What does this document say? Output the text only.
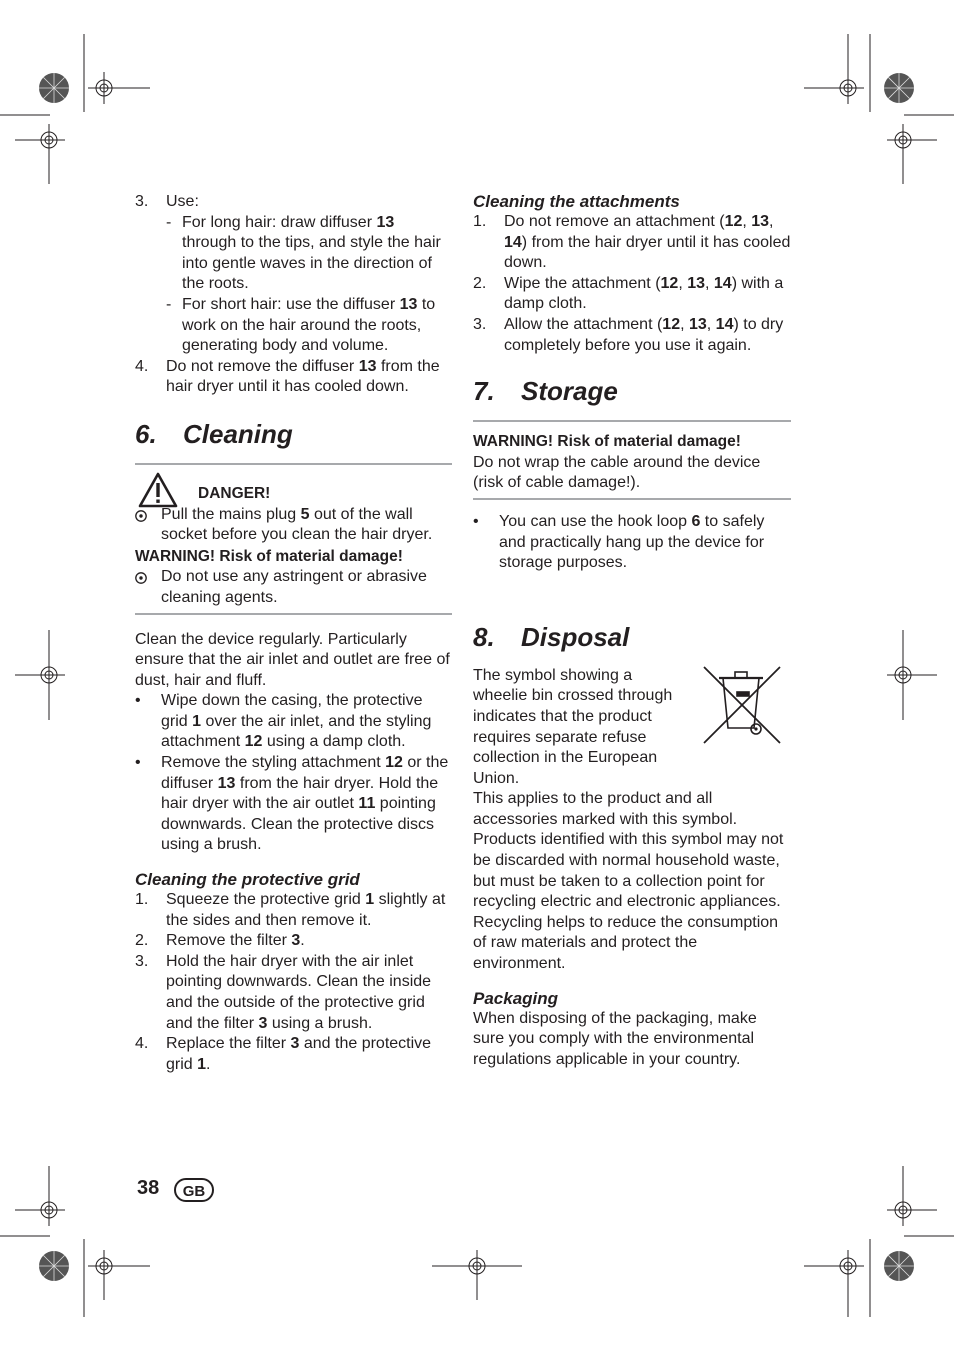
3.	Use:
- For long hair: draw diffuser 13 through to the tips, and style the hair into gentle waves in the direction of the roots.
- For short hair: use the diffuser 13 to work on the hair around the roots, generating body and volume.
4.	Do not remove the diffuser 13 from the hair dryer until it has cooled down.
6.	Cleaning
DANGER!
Pull the mains plug 5 out of the wall socket before you clean the hair dryer.
WARNING! Risk of material damage!
Do not use any astringent or abrasive cleaning agents.

Clean the device regularly. Particularly ensure that the air inlet and outlet are free of dust, hair and fluff.

•	Wipe down the casing, the protective grid 1 over the air inlet, and the styling attachment 12 using a damp cloth.
•	Remove the styling attachment 12 or the diffuser 13 from the hair dryer. Hold the hair dryer with the air outlet 11 pointing downwards. Clean the protective discs using a brush.
Cleaning the protective grid
1.	Squeeze the protective grid 1 slightly at the sides and then remove it.
2.	Remove the filter 3.
3.	Hold the hair dryer with the air inlet pointing downwards. Clean the inside and the outside of the protective grid and the filter 3 using a brush.
4.	Replace the filter 3 and the protective grid 1.
Cleaning the attachments
1.	Do not remove an attachment (12, 13, 14) from the hair dryer until it has cooled down.
2.	Wipe the attachment (12, 13, 14) with a damp cloth.
3.	Allow the attachment (12, 13, 14) to dry completely before you use it again.
7.	Storage
WARNING! Risk of material damage!

Do not wrap the cable around the device (risk of cable damage!).

•	You can use the hook loop 6 to safely and practically hang up the device for storage purposes.
8.	Disposal

The symbol showing a wheelie bin crossed through indicates that the product requires separate refuse collection in the European Union.

This applies to the product and all accessories marked with this symbol. Products identified with this symbol may not be discarded with normal household waste, but must be taken to a collection point for recycling electric and electronic appliances. Recycling helps to reduce the consumption of raw materials and protect the environment.

Packaging

When disposing of the packaging, make sure you comply with the environmental regulations applicable in your country.

38	GB
